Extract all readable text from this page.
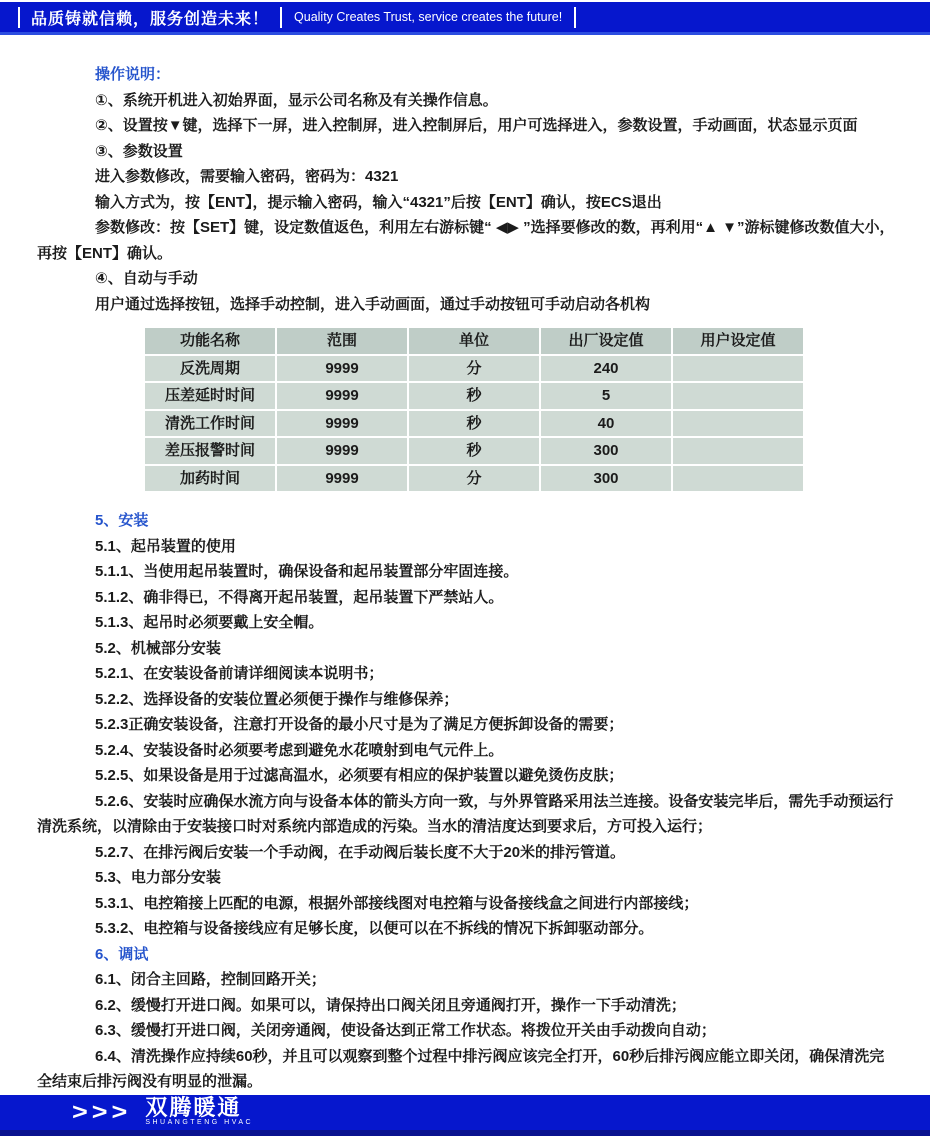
品质铸就信赖，服务创造未来！ Quality Creates Trust, service creates the future!

操作说明：

①、系统开机进入初始界面，显示公司名称及有关操作信息。

②、设置按▼键，选择下一屏，进入控制屏，进入控制屏后，用户可选择进入，参数设置，手动画面，状态显示页面

③、参数设置

进入参数修改，需要输入密码，密码为：4321

输入方式为，按【ENT】，提示输入密码，输入“4321”后按【ENT】确认，按ECS退出

参数修改：按【SET】键，设定数值返色，利用左右游标键“ ◀▶ ”选择要修改的数，再利用“▲ ▼”游标键修改数值大小，再按【ENT】确认。

④、自动与手动

用户通过选择按钮，选择手动控制，进入手动画面，通过手动按钮可手动启动各机构

功能名称	范围	单位	出厂设定值	用户设定值
反洗周期	9999	分	240	
压差延时时间	9999	秒	5	
清洗工作时间	9999	秒	40	
差压报警时间	9999	秒	300	
加药时间	9999	分	300	

5、安装

5.1、起吊装置的使用

5.1.1、当使用起吊装置时，确保设备和起吊装置部分牢固连接。

5.1.2、确非得已，不得离开起吊装置，起吊装置下严禁站人。

5.1.3、起吊时必须要戴上安全帽。

5.2、机械部分安装

5.2.1、在安装设备前请详细阅读本说明书；

5.2.2、选择设备的安装位置必须便于操作与维修保养；

5.2.3正确安装设备，注意打开设备的最小尺寸是为了满足方便拆卸设备的需要；

5.2.4、安装设备时必须要考虑到避免水花喷射到电气元件上。

5.2.5、如果设备是用于过滤高温水，必须要有相应的保护装置以避免烫伤皮肤；

5.2.6、安装时应确保水流方向与设备本体的箭头方向一致，与外界管路采用法兰连接。设备安装完毕后，需先手动预运行清洗系统，以清除由于安装接口时对系统内部造成的污染。当水的清洁度达到要求后，方可投入运行；

5.2.7、在排污阀后安装一个手动阀，在手动阀后装长度不大于20米的排污管道。

5.3、电力部分安装

5.3.1、电控箱接上匹配的电源，根据外部接线图对电控箱与设备接线盒之间进行内部接线；

5.3.2、电控箱与设备接线应有足够长度，以便可以在不拆线的情况下拆卸驱动部分。

6、调试

6.1、闭合主回路，控制回路开关；

6.2、缓慢打开进口阀。如果可以，请保持出口阀关闭且旁通阀打开，操作一下手动清洗；

6.3、缓慢打开进口阀，关闭旁通阀，使设备达到正常工作状态。将拨位开关由手动拨向自动；

6.4、清洗操作应持续60秒，并且可以观察到整个过程中排污阀应该完全打开，60秒后排污阀应能立即关闭，确保清洗完全结束后排污阀没有明显的泄漏。

>>> 双腾暖通
SHUANGTENG HVAC
